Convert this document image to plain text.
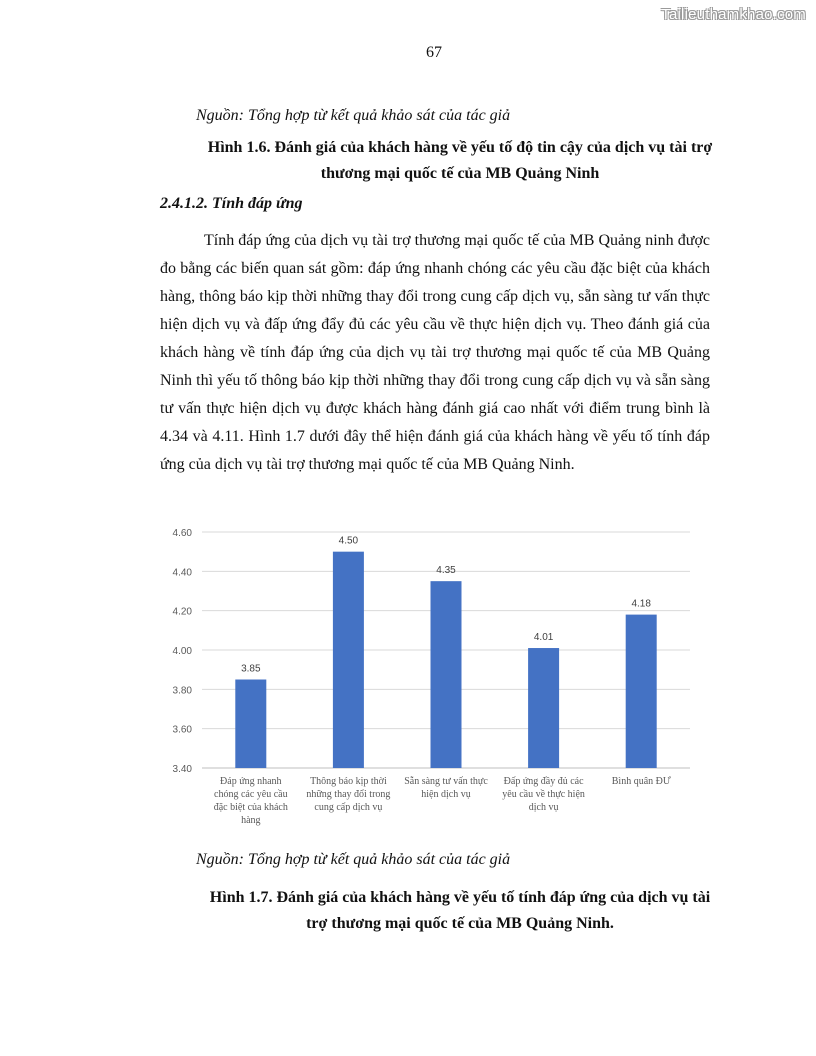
Tailieuthamkhao.com
67
Nguồn: Tổng hợp từ kết quả khảo sát của tác giả
Hình 1.6. Đánh giá của khách hàng về yếu tố độ tin cậy của dịch vụ tài trợ
thương mại quốc tế của MB Quảng Ninh
2.4.1.2. Tính đáp ứng

Tính đáp ứng của dịch vụ tài trợ thương mại quốc tế của MB Quảng ninh được đo bằng các biến quan sát gồm: đáp ứng nhanh chóng các yêu cầu đặc biệt của khách hàng, thông báo kịp thời những thay đổi trong cung cấp dịch vụ, sẵn sàng tư vấn thực hiện dịch vụ và đấp ứng đẩy đủ các yêu cầu về thực hiện dịch vụ. Theo đánh giá của khách hàng về tính đáp ứng của dịch vụ tài trợ thương mại quốc tế của MB Quảng Ninh thì yếu tố thông báo kịp thời những thay đổi trong cung cấp dịch vụ và sẵn sàng tư vấn thực hiện dịch vụ được khách hàng đánh giá cao nhất với điểm trung bình là 4.34 và 4.11. Hình 1.7 dưới đây thể hiện đánh giá của khách hàng về yếu tố tính đáp ứng của dịch vụ tài trợ thương mại quốc tế của MB Quảng Ninh.

3.40
3.60
3.80
4.00
4.20
4.40
4.60
3.85
Đáp ứng nhanh chóng các yêu cầu đặc biệt của khách hàng
4.50
Thông báo kịp thời những thay đổi trong cung cấp dịch vụ
4.35
Sẵn sàng tư vấn thực hiện dịch vụ
4.01
Đấp ứng đầy đủ các yêu cầu về thực hiện dịch vụ
4.18
Bình quân ĐƯ
Nguồn: Tổng hợp từ kết quả khảo sát của tác giả
Hình 1.7. Đánh giá của khách hàng về yếu tố tính đáp ứng của dịch vụ tài
trợ thương mại quốc tế của MB Quảng Ninh.
